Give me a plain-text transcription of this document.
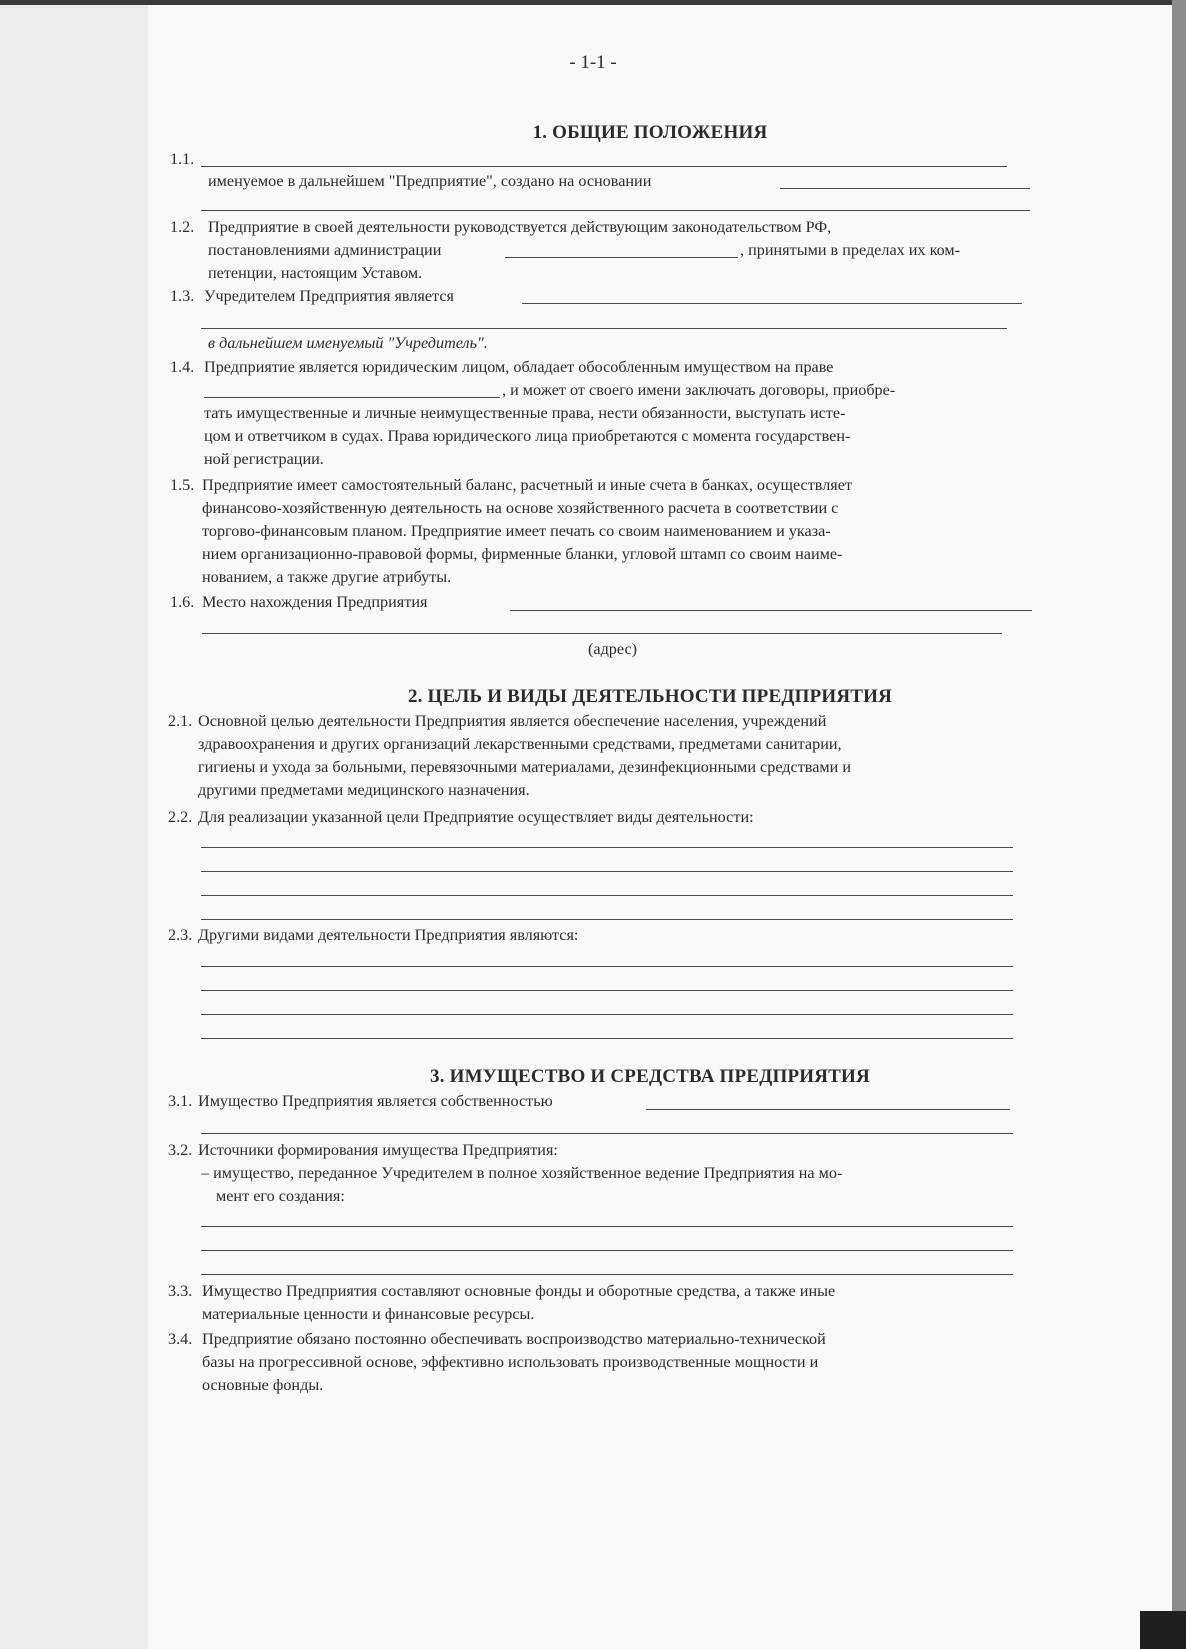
- 1-1 -
1. ОБЩИЕ ПОЛОЖЕНИЯ
1.1.
именуемое в дальнейшем "Предприятие", создано на основании
1.2. Предприятие в своей деятельности руководствуется действующим законодательством РФ,
постановлениями администрации	, принятыми в пределах их ком-
петенции, настоящим Уставом.
1.3. Учредителем Предприятия является
в дальнейшем именуемый "Учредитель".
1.4. Предприятие является юридическим лицом, обладает обособленным имуществом на праве
, и может от своего имени заключать договоры, приобре-
тать имущественные и личные неимущественные права, нести обязанности, выступать исте-
цом и ответчиком в судах. Права юридического лица приобретаются с момента государствен-
ной регистрации.
1.5. Предприятие имеет самостоятельный баланс, расчетный и иные счета в банках, осуществляет
финансово-хозяйственную деятельность на основе хозяйственного расчета в соответствии с
торгово-финансовым планом. Предприятие имеет печать со своим наименованием и указа-
нием организационно-правовой формы, фирменные бланки, угловой штамп со своим наиме-
нованием, а также другие атрибуты.
1.6. Место нахождения Предприятия
(адрес)
2. ЦЕЛЬ И ВИДЫ ДЕЯТЕЛЬНОСТИ ПРЕДПРИЯТИЯ
2.1. Основной целью деятельности Предприятия является обеспечение населения, учреждений
здравоохранения и других организаций лекарственными средствами, предметами санитарии,
гигиены и ухода за больными, перевязочными материалами, дезинфекционными средствами и
другими предметами медицинского назначения.
2.2. Для реализации указанной цели Предприятие осуществляет виды деятельности:
2.3. Другими видами деятельности Предприятия являются:
3. ИМУЩЕСТВО И СРЕДСТВА ПРЕДПРИЯТИЯ
3.1. Имущество Предприятия является собственностью
3.2. Источники формирования имущества Предприятия:
– имущество, переданное Учредителем в полное хозяйственное ведение Предприятия на мо-
мент его создания:
3.3. Имущество Предприятия составляют основные фонды и оборотные средства, а также иные
материальные ценности и финансовые ресурсы.
3.4. Предприятие обязано постоянно обеспечивать воспроизводство материально-технической
базы на прогрессивной основе, эффективно использовать производственные мощности и
основные фонды.
